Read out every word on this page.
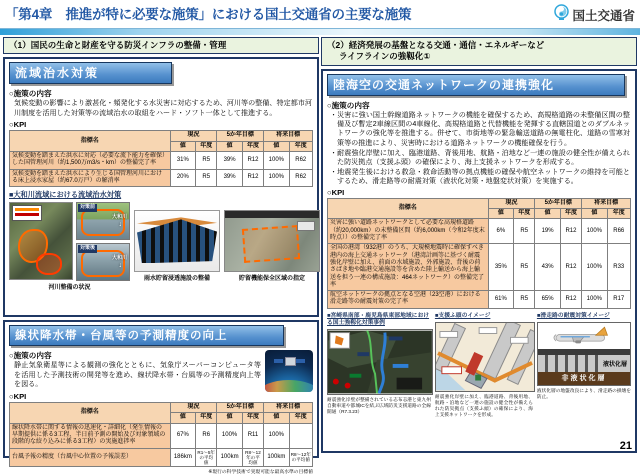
「第4章　推進が特に必要な施策」における国土交通省の主要な施策	国土交通省
（1）国民の生命と財産を守る防災インフラの整備・管理
流域治水対策
○施策の内容
気候変動の影響により激甚化・頻発化する水災害に対応するため、河川等の整備、特定都市河川制度を活用した対策等の流域治水の取組をハード・ソフト一体として推進する。
○KPI
指標名	現況		5か年目標		将来目標	
	値	年度	値	年度	値	年度
気候変動を踏まえた洪水に対応（必要な流下能力を確保）した国管理河川（約1,500万m3/s・km）の整備完了率	31%	R5	39%	R12	100%	R62
気候変動を踏まえた洪水により生じる国管理河川における床上浸水家屋（約67.0万戸）の解消率	20%	R5	39%	R12	100%	R62
■大和川流域における流域治水対策
対策前
大和川
↓
対策後
大和川
↓
河川整備の状況
雨水貯留浸透施設の整備	貯留機能保全区域の指定
線状降水帯・台風等の予測精度の向上
○施策の内容
静止気象衛星等による観測の強化とともに、気象庁スーパーコンピュータ等を活用した予測技術の開発等を進め、線状降水帯・台風等の予測精度向上等を図る。
○KPI
指標名	現況		5か年目標		将来目標	
	値	年度	値	年度	値	年度
線状降水帯に関する情報の迅速化・詳細化（発生情報の早期提供に係る3工程、半日前予測の開始及び対象領域の段階的な絞り込みに係る3工程）の実施進捗率	67%	R6	100%	R11	100%	
台風予報の精度（台風中心位置の予報誤差）	186km	R1〜5年の平均値	100km	R8〜12年の平均値	100km	R8〜12年の平均値
※現行の科学技術で実現可能な最高水準の目標値
（2）経済発展の基盤となる交通・通信・エネルギーなど
ライフラインの強靱化①
陸海空の交通ネットワークの連携強化
○施策の内容
・災害に強い国土幹線道路ネットワークの機能を確保するため、高規格道路の未整備区間の整備及び暫定2車線区間の4車線化、高規格道路と代替機能を発揮する直轄国道とのダブルネットワークの強化等を推進する。併せて、市街地等の緊急輸送道路の無電柱化、道路の雪寒対策等の推進により、災害時における道路ネットワークの機能確保を行う。
・耐震強化岸壁に加え、臨港道路、背後用地、航路・泊地など一連の施設の健全性が備えられた防災拠点（支援ふ頭）の確保により、海上支援ネットワークを形成する。
・地震発生後における救急・救命活動等の拠点機能の確保や航空ネットワークの維持を可能とするため、滑走路等の耐震対策（液状化対策・地盤変状対策）を実施する。
○KPI
指標名	現況		5か年目標		将来目標	
	値	年度	値	年度	値	年度
災害に強い道路ネットワークとして必要な高規格道路（約20,000km）の未整備区間（約6,000km（令和2年度末時点））の整備完了率	6%	R5	19%	R12	100%	R66
全国の港湾（932港）のうち、大規模地震時に確保すべき港内の海上交通ネットワーク（港湾計画等に基づく耐震強化岸壁に加え、前面の水域施設、外郭施設、背後の荷さばき地や臨港交通施設等を含めた陸上輸送から海上輸送を担う一連の構成施設：464ネットワーク）の整備完了率	35%	R5	43%	R12	100%	R33
航空ネットワークの拠点となる空港（23空港）における滑走路等の耐震対策の完了率	61%	R5	65%	R12	100%	R17
■宮崎県南部・鹿児島県東部地域における国土強靱化対策事例
耐震強化岸壁が整備されている志布志港と東九州自動車道や都城ICを結ぶ広域防災支援道路の全線開通（R7.3.23）
■支援ふ頭のイメージ
耐震強化岸壁に加え、臨港道路、背後用地、航路・泊地など一連の施設の健全性が備えられた防災拠点（支援ふ頭）の確保により、海上支援ネットワークを形成。
■滑走路の耐震対策イメージ
液状化層
非液状化層
液状化層の地盤改良により、滑走路の損壊を防止。
21
